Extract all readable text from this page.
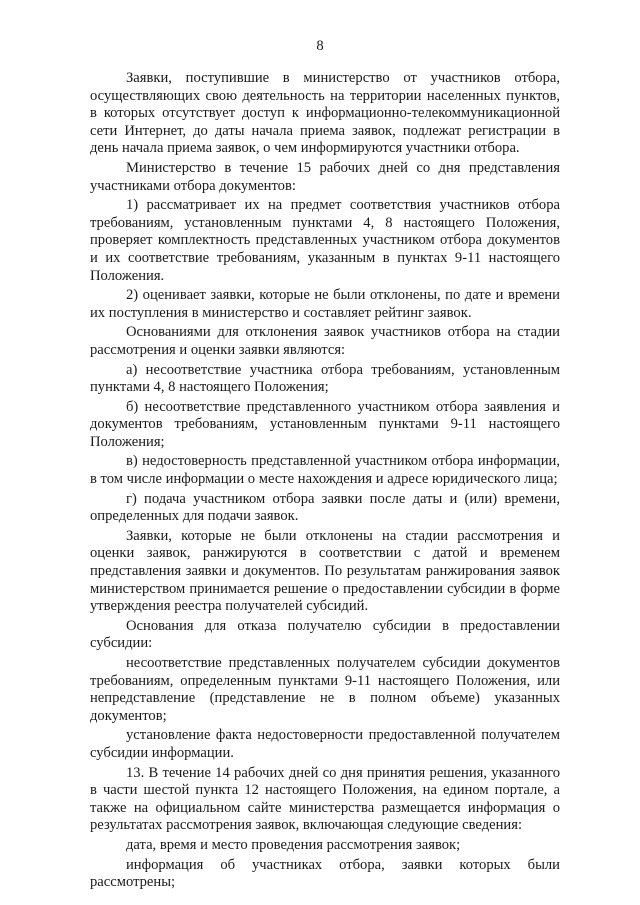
8

Заявки, поступившие в министерство от участников отбора, осуществляющих свою деятельность на территории населенных пунктов, в которых отсутствует доступ к информационно-телекоммуникационной сети Интернет, до даты начала приема заявок, подлежат регистрации в день начала приема заявок, о чем информируются участники отбора.

Министерство в течение 15 рабочих дней со дня представления участниками отбора документов:

1) рассматривает их на предмет соответствия участников отбора требованиям, установленным пунктами 4, 8 настоящего Положения, проверяет комплектность представленных участником отбора документов и их соответствие требованиям, указанным в пунктах 9-11 настоящего Положения.

2) оценивает заявки, которые не были отклонены, по дате и времени их поступления в министерство и составляет рейтинг заявок.

Основаниями для отклонения заявок участников отбора на стадии рассмотрения и оценки заявки являются:

а) несоответствие участника отбора требованиям, установленным пунктами 4, 8 настоящего Положения;

б) несоответствие представленного участником отбора заявления и документов требованиям, установленным пунктами 9-11 настоящего Положения;

в) недостоверность представленной участником отбора информации, в том числе информации о месте нахождения и адресе юридического лица;

г) подача участником отбора заявки после даты и (или) времени, определенных для подачи заявок.

Заявки, которые не были отклонены на стадии рассмотрения и оценки заявок, ранжируются в соответствии с датой и временем представления заявки и документов. По результатам ранжирования заявок министерством принимается решение о предоставлении субсидии в форме утверждения реестра получателей субсидий.

Основания для отказа получателю субсидии в предоставлении субсидии:

несоответствие представленных получателем субсидии документов требованиям, определенным пунктами 9-11 настоящего Положения, или непредставление (представление не в полном объеме) указанных документов;

установление факта недостоверности предоставленной получателем субсидии информации.

13. В течение 14 рабочих дней со дня принятия решения, указанного в части шестой пункта 12 настоящего Положения, на едином портале, а также на официальном сайте министерства размещается информация о результатах рассмотрения заявок, включающая следующие сведения:

дата, время и место проведения рассмотрения заявок;

информация об участниках отбора, заявки которых были рассмотрены;
